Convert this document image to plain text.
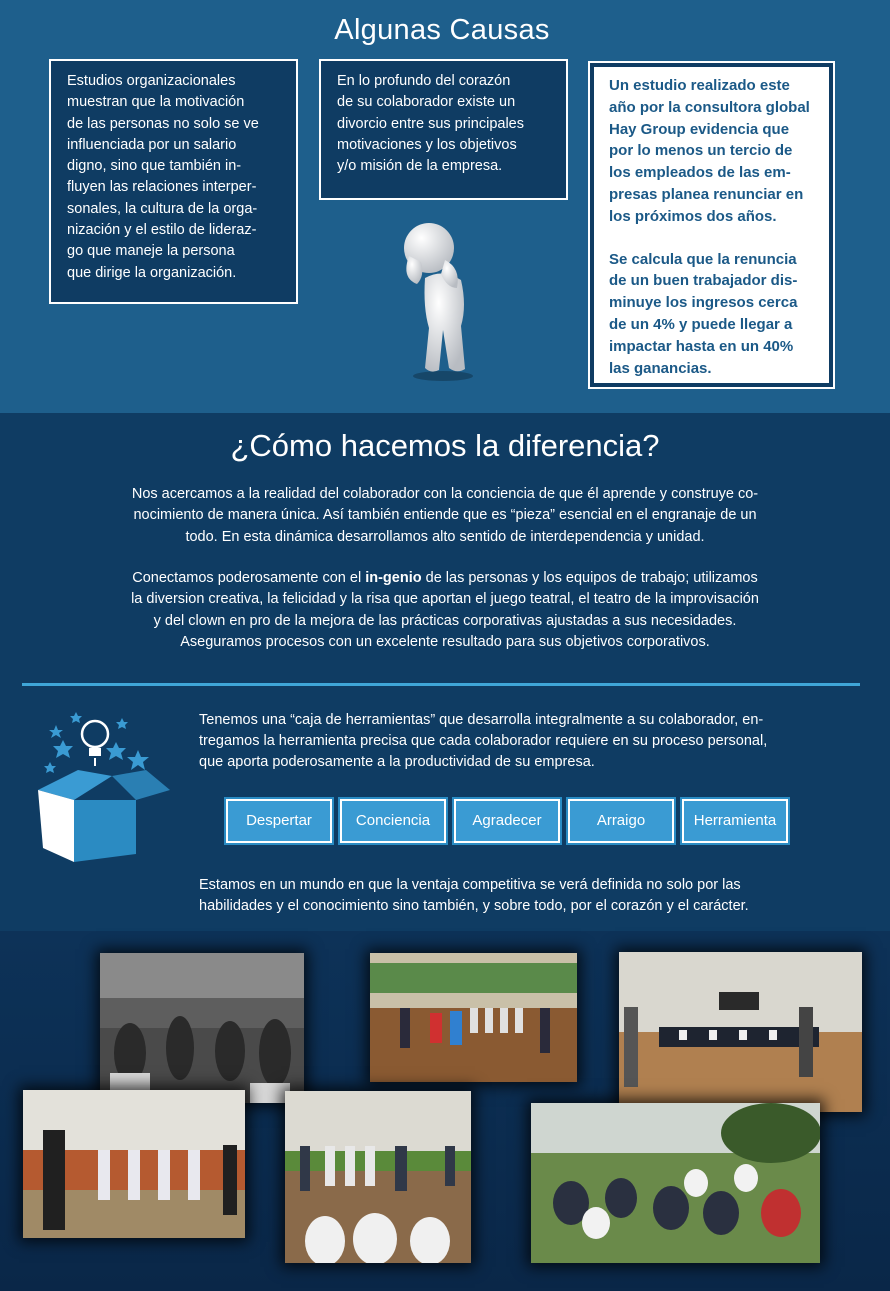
Algunas Causas
Estudios organizacionales
muestran que la motivación
de las personas no solo se ve
influenciada por un salario
digno, sino que también in-
fluyen las relaciones interper-
sonales, la cultura de la orga-
nización y el estilo de lideraz-
go que maneje la persona
que dirige la organización.
En lo profundo del corazón
de su colaborador existe un
divorcio entre sus principales
motivaciones y los objetivos
y/o misión de la empresa.
Un estudio realizado este
año por la consultora global
Hay Group evidencia que
por lo menos un tercio de
los empleados de las em-
presas planea renunciar en
los próximos dos años.
Se calcula que la renuncia
de un buen trabajador dis-
minuye los ingresos cerca
de un 4% y puede llegar a
impactar hasta en un 40%
las ganancias.
¿Cómo hacemos la diferencia?
Nos acercamos a la realidad del colaborador con la conciencia de que él aprende y construye co-
nocimiento de manera única. Así también entiende que es “pieza” esencial en el engranaje de un
todo. En esta dinámica desarrollamos alto sentido de interdependencia y unidad.
Conectamos poderosamente con el in-genio de las personas y los equipos de trabajo; utilizamos
la diversion creativa, la felicidad y la risa que aportan el juego teatral, el teatro de la improvisación
y del clown en pro de la mejora de las prácticas corporativas ajustadas a sus necesidades.
Aseguramos procesos con un excelente resultado para sus objetivos corporativos.
Tenemos una “caja de herramientas” que desarrolla integralmente a su colaborador, en-
tregamos la herramienta precisa que cada colaborador requiere en su proceso personal,
que aporta poderosamente a la productividad de su empresa.
Despertar	Conciencia	Agradecer	Arraigo	Herramienta
Estamos en un mundo en que la ventaja competitiva se verá definida no solo por las
habilidades y el conocimiento sino también, y sobre todo, por el corazón y el carácter.
